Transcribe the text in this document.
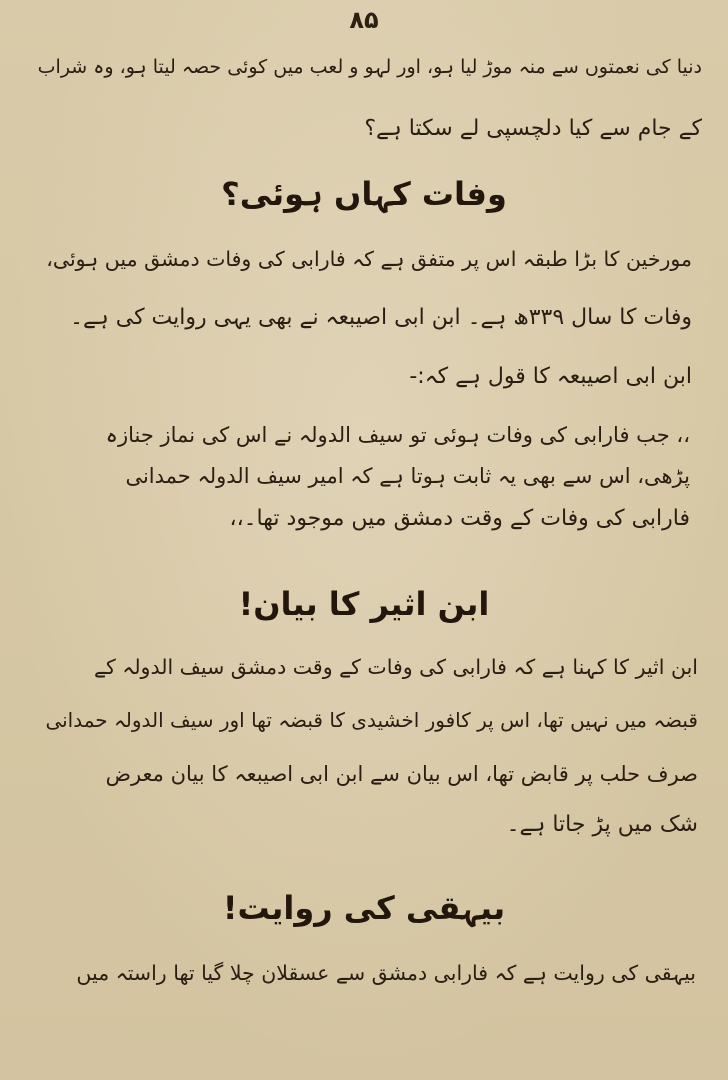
۸۵
دنیا کی نعمتوں سے منہ موڑ لیا ہو، اور لہو و لعب میں کوئی حصہ لیتا ہو، وہ شراب
کے جام سے کیا دلچسپی لے سکتا ہے؟
وفات کہاں ہوئی؟
مورخین کا بڑا طبقہ اس پر متفق ہے کہ فارابی کی وفات دمشق میں ہوئی،
وفات کا سال ۳۳۹ھ ہے۔ ابن ابی اصیبعہ نے بھی یہی روایت کی ہے۔
ابن ابی اصیبعہ کا قول ہے کہ:-
،، جب فارابی کی وفات ہوئی تو سیف الدولہ نے اس کی نماز جنازہ
پڑھی، اس سے بھی یہ ثابت ہوتا ہے کہ امیر سیف الدولہ حمدانی
فارابی کی وفات کے وقت دمشق میں موجود تھا۔،،
ابن اثیر کا بیان!
ابن اثیر کا کہنا ہے کہ فارابی کی وفات کے وقت دمشق سیف الدولہ کے
قبضہ میں نہیں تھا، اس پر کافور اخشیدی کا قبضہ تھا اور سیف الدولہ حمدانی
صرف حلب پر قابض تھا، اس بیان سے ابن ابی اصیبعہ کا بیان معرض
شک میں پڑ جاتا ہے۔
بیہقی کی روایت!
بیہقی کی روایت ہے کہ فارابی دمشق سے عسقلان چلا گیا تھا راستہ میں
